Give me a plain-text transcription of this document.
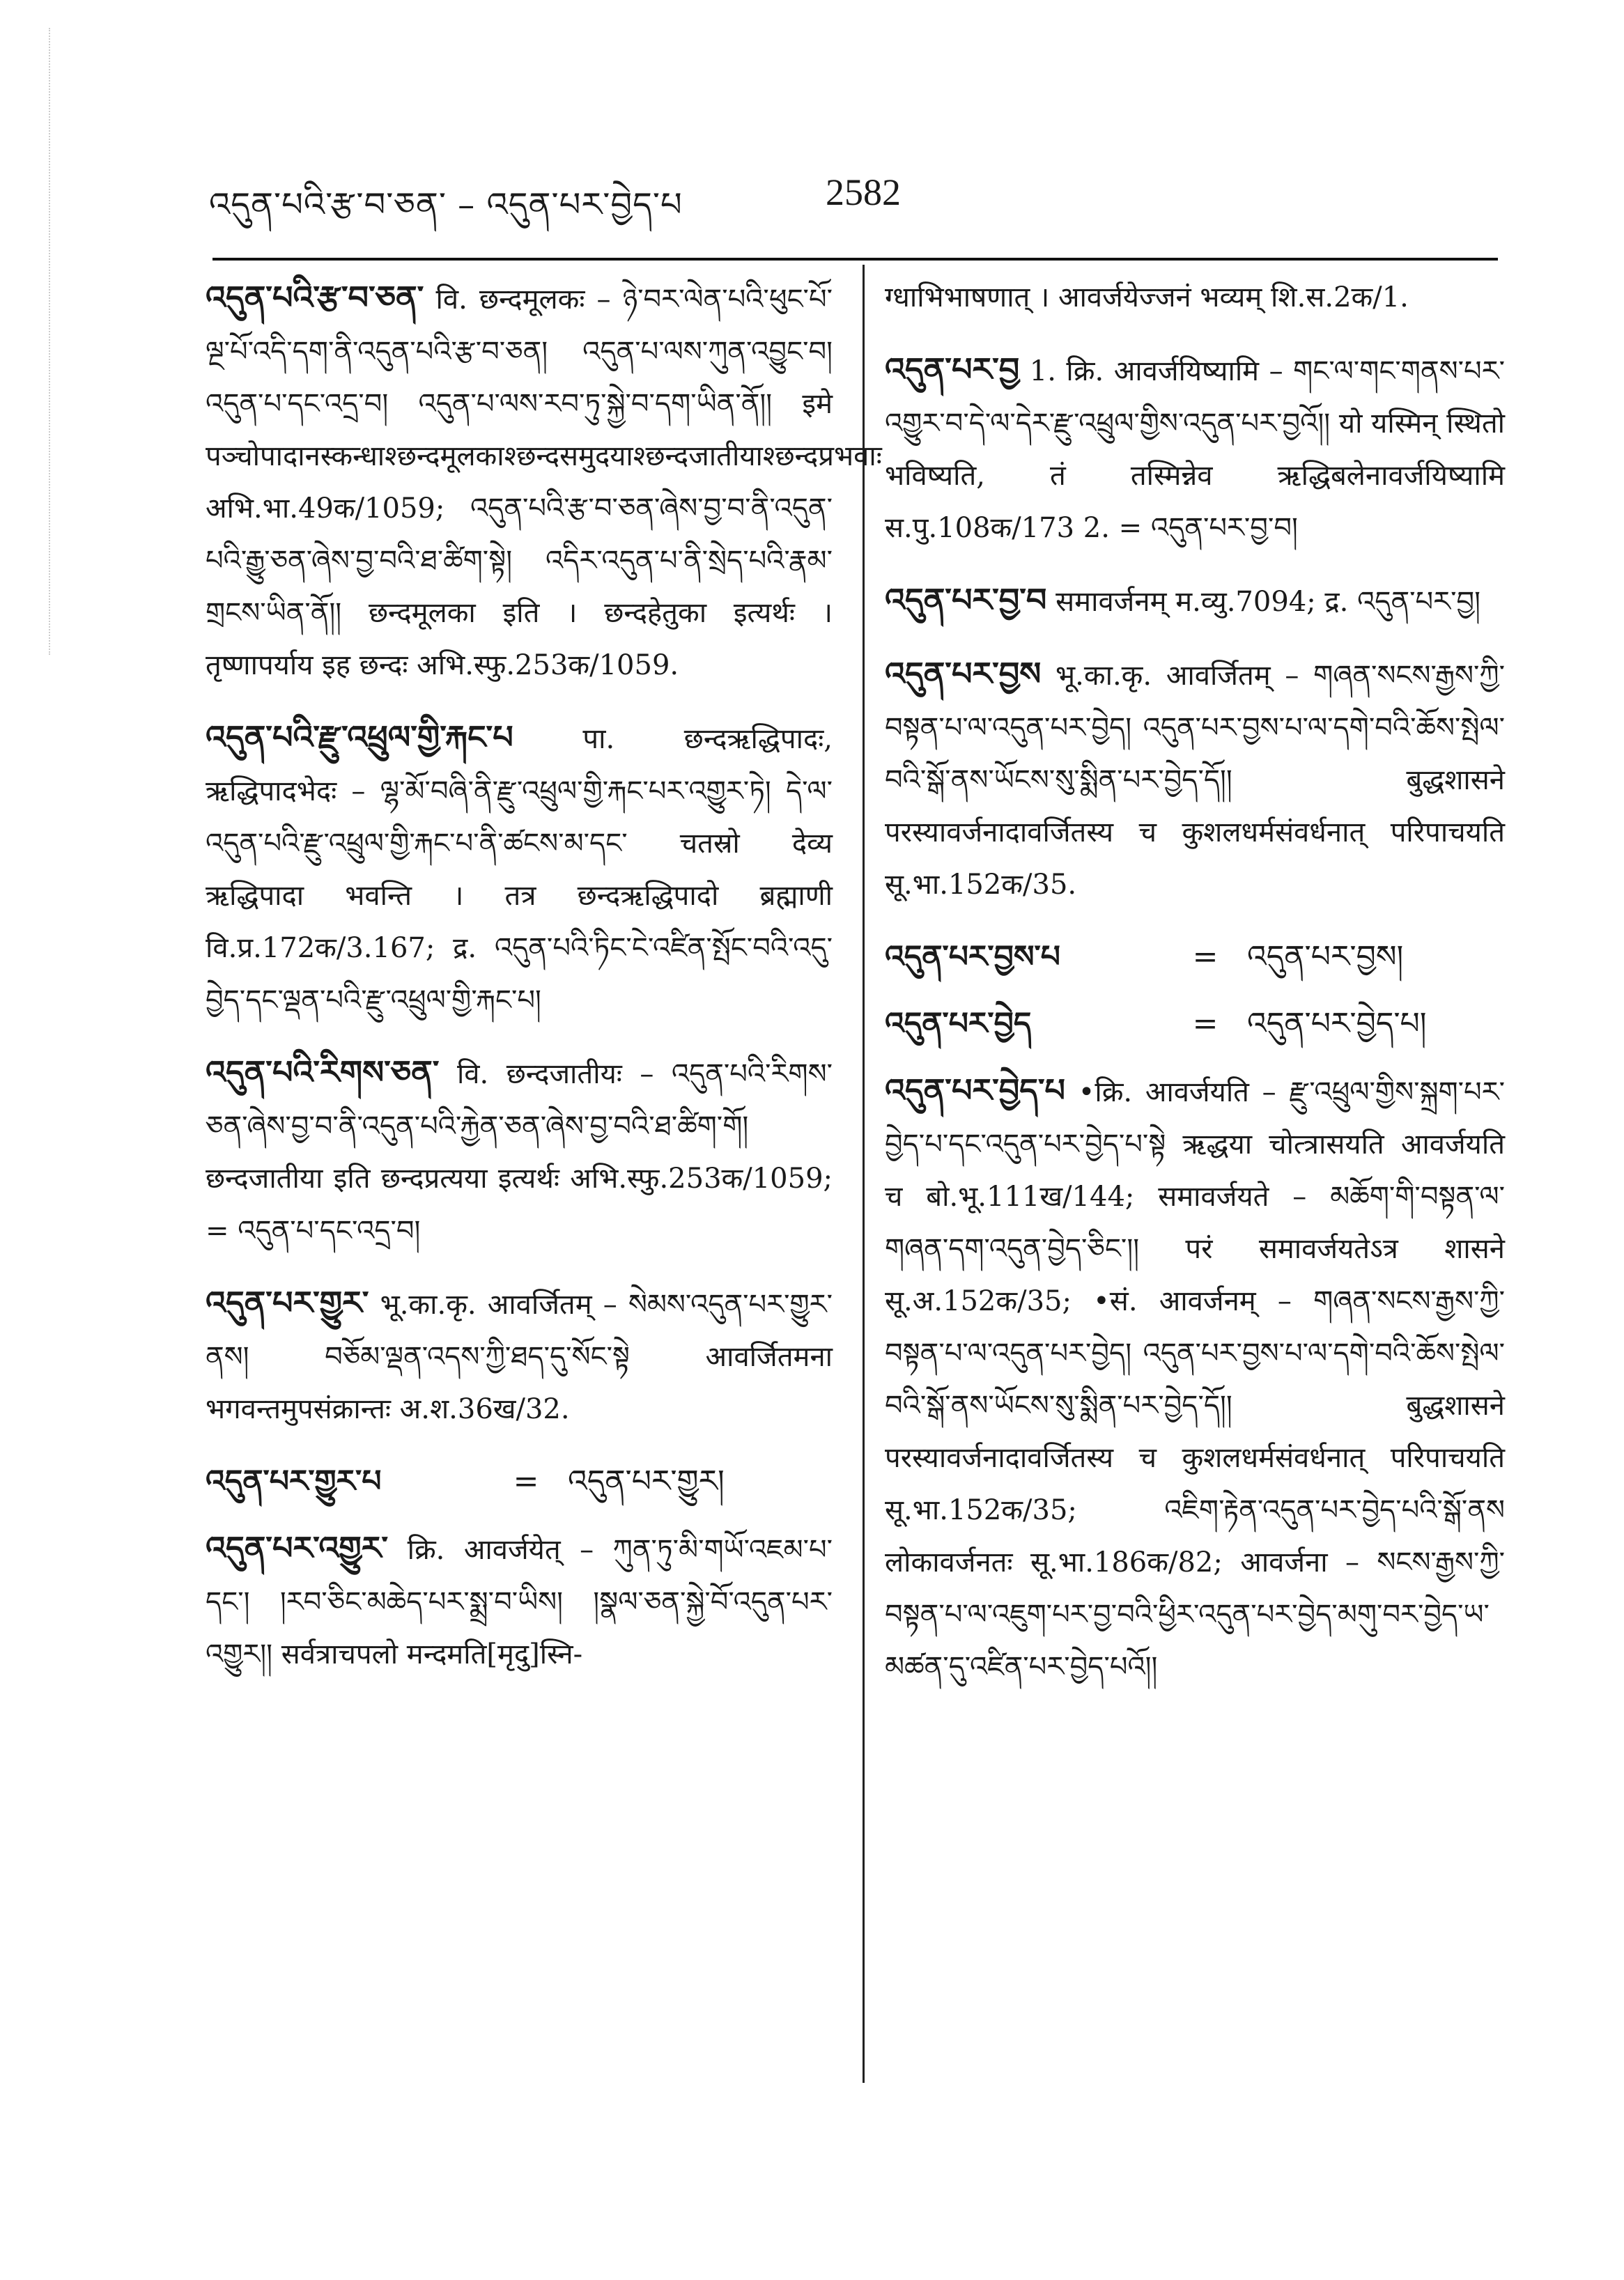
འདུན་པའི་རྩ་བ་ཅན་ – འདུན་པར་བྱེད་པ	2582
འདུན་པའི་རྩ་བ་ཅན་ वि. छन्दमूलकः – ཉེ་བར་ལེན་པའི་ཕུང་པོ་ལྔ་པོ་འདི་དག་ནི་འདུན་པའི་རྩ་བ་ཅན། འདུན་པ་ལས་ཀུན་འབྱུང་བ། འདུན་པ་དང་འདྲ་བ། འདུན་པ་ལས་རབ་ཏུ་སྐྱེ་བ་དག་ཡིན་ནོ།། इमे पञ्चोपादानस्कन्धाश्छन्दमूलकाश्छन्दसमुदयाश्छन्दजातीयाश्छन्दप्रभवाः अभि.भा.49क/1059; འདུན་པའི་རྩ་བ་ཅན་ཞེས་བྱ་བ་ནི་འདུན་པའི་རྒྱུ་ཅན་ཞེས་བྱ་བའི་ཐ་ཚིག་སྟེ། འདིར་འདུན་པ་ནི་སྲེད་པའི་རྣམ་གྲངས་ཡིན་ནོ།། छन्दमूलका इति । छन्दहेतुका इत्यर्थः । तृष्णापर्याय इह छन्दः अभि.स्फु.253क/1059.
འདུན་པའི་རྫུ་འཕྲུལ་གྱི་རྐང་པ पा. छन्दऋद्धिपादः, ऋद्धिपादभेदः – ལྷ་མོ་བཞི་ནི་རྫུ་འཕྲུལ་གྱི་རྐང་པར་འགྱུར་ཏེ། དེ་ལ་འདུན་པའི་རྫུ་འཕྲུལ་གྱི་རྐང་པ་ནི་ཚངས་མ་དང་ चतस्रो देव्य ऋद्धिपादा भवन्ति । तत्र छन्दऋद्धिपादो ब्रह्माणी वि.प्र.172क/3.167; द्र. འདུན་པའི་ཏིང་ངེ་འཛིན་སྤོང་བའི་འདུ་བྱེད་དང་ལྡན་པའི་རྫུ་འཕྲུལ་གྱི་རྐང་པ།
འདུན་པའི་རིགས་ཅན་ वि. छन्दजातीयः – འདུན་པའི་རིགས་ཅན་ཞེས་བྱ་བ་ནི་འདུན་པའི་རྐྱེན་ཅན་ཞེས་བྱ་བའི་ཐ་ཚིག་གོ། छन्दजातीया इति छन्दप्रत्यया इत्यर्थः अभि.स्फु.253क/1059; = འདུན་པ་དང་འདྲ་བ།
འདུན་པར་གྱུར་ भू.का.कृ. आवर्जितम् – སེམས་འདུན་པར་གྱུར་ནས། བཅོམ་ལྡན་འདས་ཀྱི་ཐད་དུ་སོང་སྟེ आवर्जितमना भगवन्तमुपसंक्रान्तः अ.श.36ख/32.
འདུན་པར་གྱུར་པ	= འདུན་པར་གྱུར།
འདུན་པར་འགྱུར་ क्रि. आवर्जयेत् – ཀུན་ཏུ་མི་གཡོ་འཇམ་པ་དང་། །རབ་ཅིང་མཆེད་པར་སྨྲ་བ་ཡིས། །སྣལ་ཅན་སྐྱེ་བོ་འདུན་པར་འགྱུར།། सर्वत्राचपलो मन्दमति[मृदु]स्नि-
ग्धाभिभाषणात् । आवर्जयेज्जनं भव्यम् शि.स.2क/1.
འདུན་པར་བྱ 1. क्रि. आवर्जयिष्यामि – གང་ལ་གང་གནས་པར་འགྱུར་བ་དེ་ལ་དེར་རྫུ་འཕྲུལ་གྱིས་འདུན་པར་བྱའོ།། यो यस्मिन् स्थितो भविष्यति, तं तस्मिन्नेव ऋद्धिबलेनावर्जयिष्यामि स.पु.108क/173 2. = འདུན་པར་བྱ་བ།
འདུན་པར་བྱ་བ समावर्जनम् म.व्यु.7094; द्र. འདུན་པར་བྱ།
འདུན་པར་བྱས भू.का.कृ. आवर्जितम् – གཞན་སངས་རྒྱས་ཀྱི་བསྟན་པ་ལ་འདུན་པར་བྱེད། འདུན་པར་བྱས་པ་ལ་དགེ་བའི་ཆོས་སྤེལ་བའི་སྒོ་ནས་ཡོངས་སུ་སྨིན་པར་བྱེད་དོ།། बुद्धशासने परस्यावर्जनादावर्जितस्य च कुशलधर्मसंवर्धनात् परिपाचयति सू.भा.152क/35.
འདུན་པར་བྱས་པ	= འདུན་པར་བྱས།
འདུན་པར་བྱེད	= འདུན་པར་བྱེད་པ།
འདུན་པར་བྱེད་པ •क्रि. आवर्जयति – རྫུ་འཕྲུལ་གྱིས་སྐྲག་པར་བྱེད་པ་དང་འདུན་པར་བྱེད་པ་སྟེ ऋद्धया चोत्त्रासयति आवर्जयति च बो.भू.111ख/144; समावर्जयते – མཆོག་གི་བསྟན་ལ་གཞན་དག་འདུན་བྱེད་ཅིང་།། परं समावर्जयतेऽत्र शासने सू.अ.152क/35; •सं. आवर्जनम् – གཞན་སངས་རྒྱས་ཀྱི་བསྟན་པ་ལ་འདུན་པར་བྱེད། འདུན་པར་བྱས་པ་ལ་དགེ་བའི་ཆོས་སྤེལ་བའི་སྒོ་ནས་ཡོངས་སུ་སྨིན་པར་བྱེད་དོ།། बुद्धशासने परस्यावर्जनादावर्जितस्य च कुशलधर्मसंवर्धनात् परिपाचयति सू.भा.152क/35; འཇིག་རྟེན་འདུན་པར་བྱེད་པའི་སྒོ་ནས लोकावर्जनतः सू.भा.186क/82; आवर्जना – སངས་རྒྱས་ཀྱི་བསྟན་པ་ལ་འཇུག་པར་བྱ་བའི་ཕྱིར་འདུན་པར་བྱེད་མགུ་བར་བྱེད་ཡ་མཚན་དུ་འཛིན་པར་བྱེད་པའོ།།
